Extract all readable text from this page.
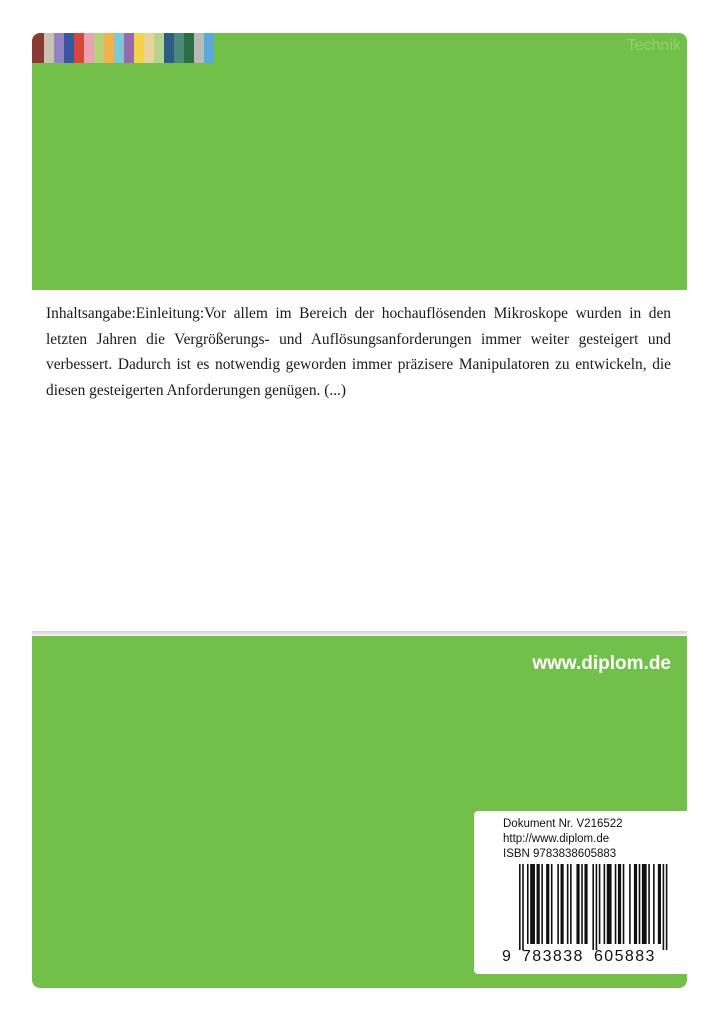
Technik

Inhaltsangabe:Einleitung:Vor allem im Bereich der hochauflösenden Mikroskope wurden in den letzten Jahren die Vergrößerungs- und Auflösungsanforderungen immer weiter gesteigert und verbessert. Dadurch ist es notwendig geworden immer präzisere Manipulatoren zu entwickeln, die diesen gesteigerten Anforderungen genügen. (...)

www.diplom.de
Dokument Nr. V216522
http://www.diplom.de
ISBN 9783838605883
9 783838 605883
